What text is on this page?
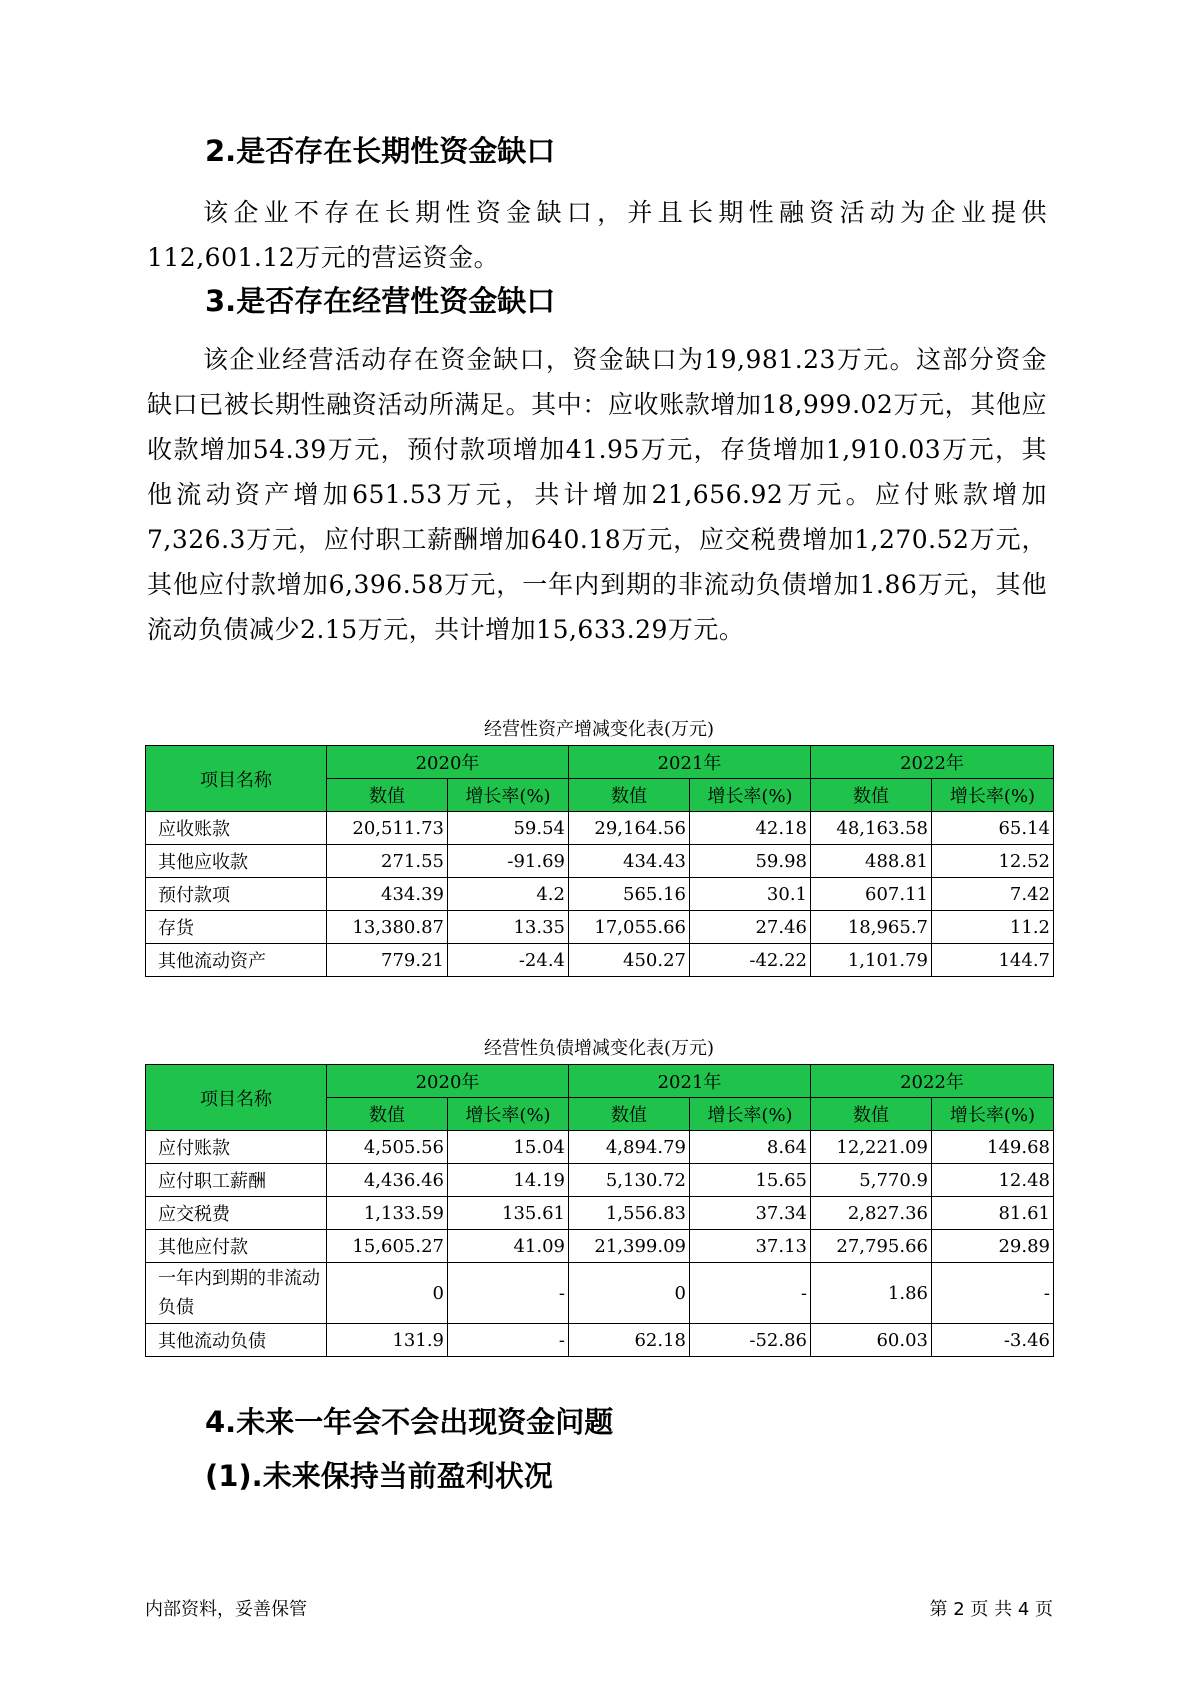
2.是否存在长期性资金缺口

该企业不存在长期性资金缺口，并且长期性融资活动为企业提供112,601.12万元的营运资金。

3.是否存在经营性资金缺口

该企业经营活动存在资金缺口，资金缺口为19,981.23万元。这部分资金缺口已被长期性融资活动所满足。其中：应收账款增加18,999.02万元，其他应收款增加54.39万元，预付款项增加41.95万元，存货增加1,910.03万元，其他流动资产增加651.53万元，共计增加21,656.92万元。应付账款增加7,326.3万元，应付职工薪酬增加640.18万元，应交税费增加1,270.52万元，其他应付款增加6,396.58万元，一年内到期的非流动负债增加1.86万元，其他流动负债减少2.15万元，共计增加15,633.29万元。

经营性资产增减变化表(万元)
项目名称	2020年		2021年		2022年	
	数值	增长率(%)	数值	增长率(%)	数值	增长率(%)
应收账款	20,511.73	59.54	29,164.56	42.18	48,163.58	65.14
其他应收款	271.55	-91.69	434.43	59.98	488.81	12.52
预付款项	434.39	4.2	565.16	30.1	607.11	7.42
存货	13,380.87	13.35	17,055.66	27.46	18,965.7	11.2
其他流动资产	779.21	-24.4	450.27	-42.22	1,101.79	144.7
经营性负债增减变化表(万元)
项目名称	2020年		2021年		2022年	
	数值	增长率(%)	数值	增长率(%)	数值	增长率(%)
应付账款	4,505.56	15.04	4,894.79	8.64	12,221.09	149.68
应付职工薪酬	4,436.46	14.19	5,130.72	15.65	5,770.9	12.48
应交税费	1,133.59	135.61	1,556.83	37.34	2,827.36	81.61
其他应付款	15,605.27	41.09	21,399.09	37.13	27,795.66	29.89
一年内到期的非流动负债	0	-	0	-	1.86	-
其他流动负债	131.9	-	62.18	-52.86	60.03	-3.46
4.未来一年会不会出现资金问题
(1).未来保持当前盈利状况
内部资料，妥善保管	第 2 页 共 4 页
